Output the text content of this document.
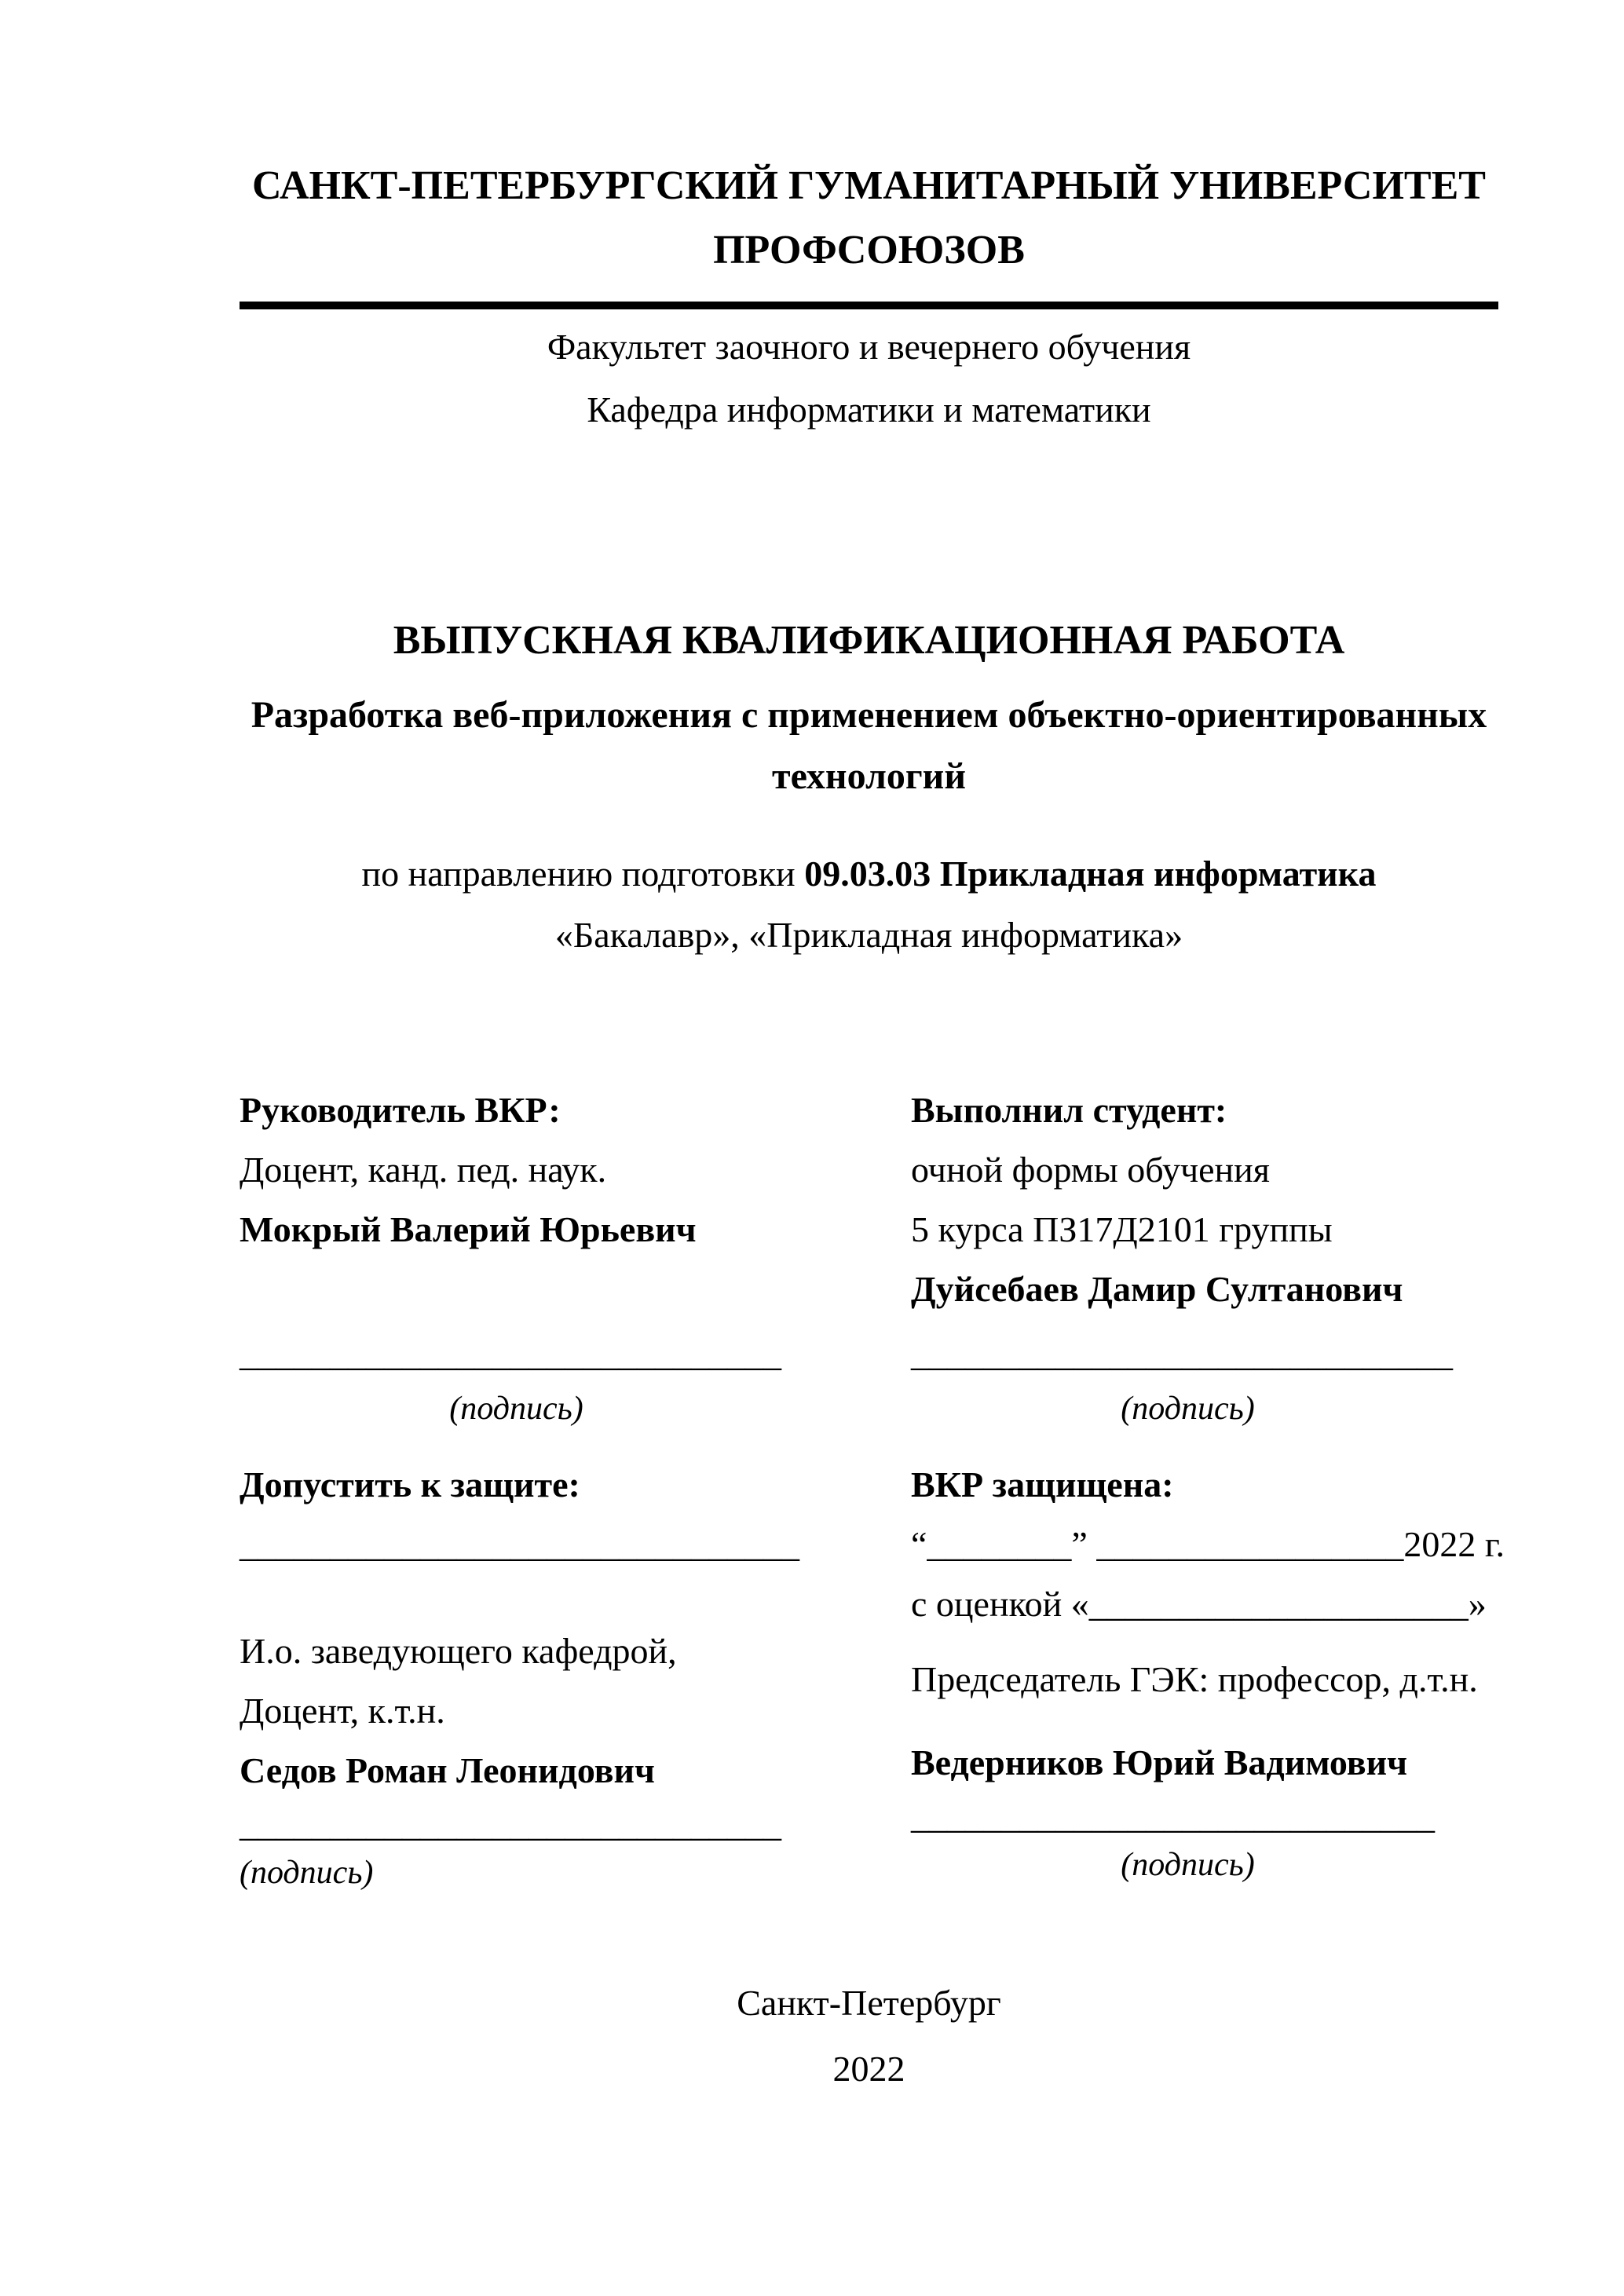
САНКТ-ПЕТЕРБУРГСКИЙ ГУМАНИТАРНЫЙ УНИВЕРСИТЕТ
ПРОФСОЮЗОВ
Факультет заочного и вечернего обучения
Кафедра информатики и математики
ВЫПУСКНАЯ КВАЛИФИКАЦИОННАЯ РАБОТА
Разработка веб-приложения с применением объектно-ориентированных
технологий
по направлению подготовки 09.03.03 Прикладная информатика
«Бакалавр», «Прикладная информатика»
Руководитель ВКР:
Доцент, канд. пед. наук.
Мокрый Валерий Юрьевич
______________________________
(подпись)
Выполнил студент:
очной формы обучения
5 курса ПЗ17Д2101 группы
Дуйсебаев Дамир Султанович
______________________________
(подпись)
Допустить к защите:
_______________________________
И.о. заведующего кафедрой,
Доцент, к.т.н.
Седов Роман Леонидович
______________________________
(подпись)
ВКР защищена:
“________” _________________2022 г.
с оценкой «_____________________»
Председатель ГЭК: профессор, д.т.н.
Ведерников Юрий Вадимович
_____________________________
(подпись)
Санкт-Петербург
2022
